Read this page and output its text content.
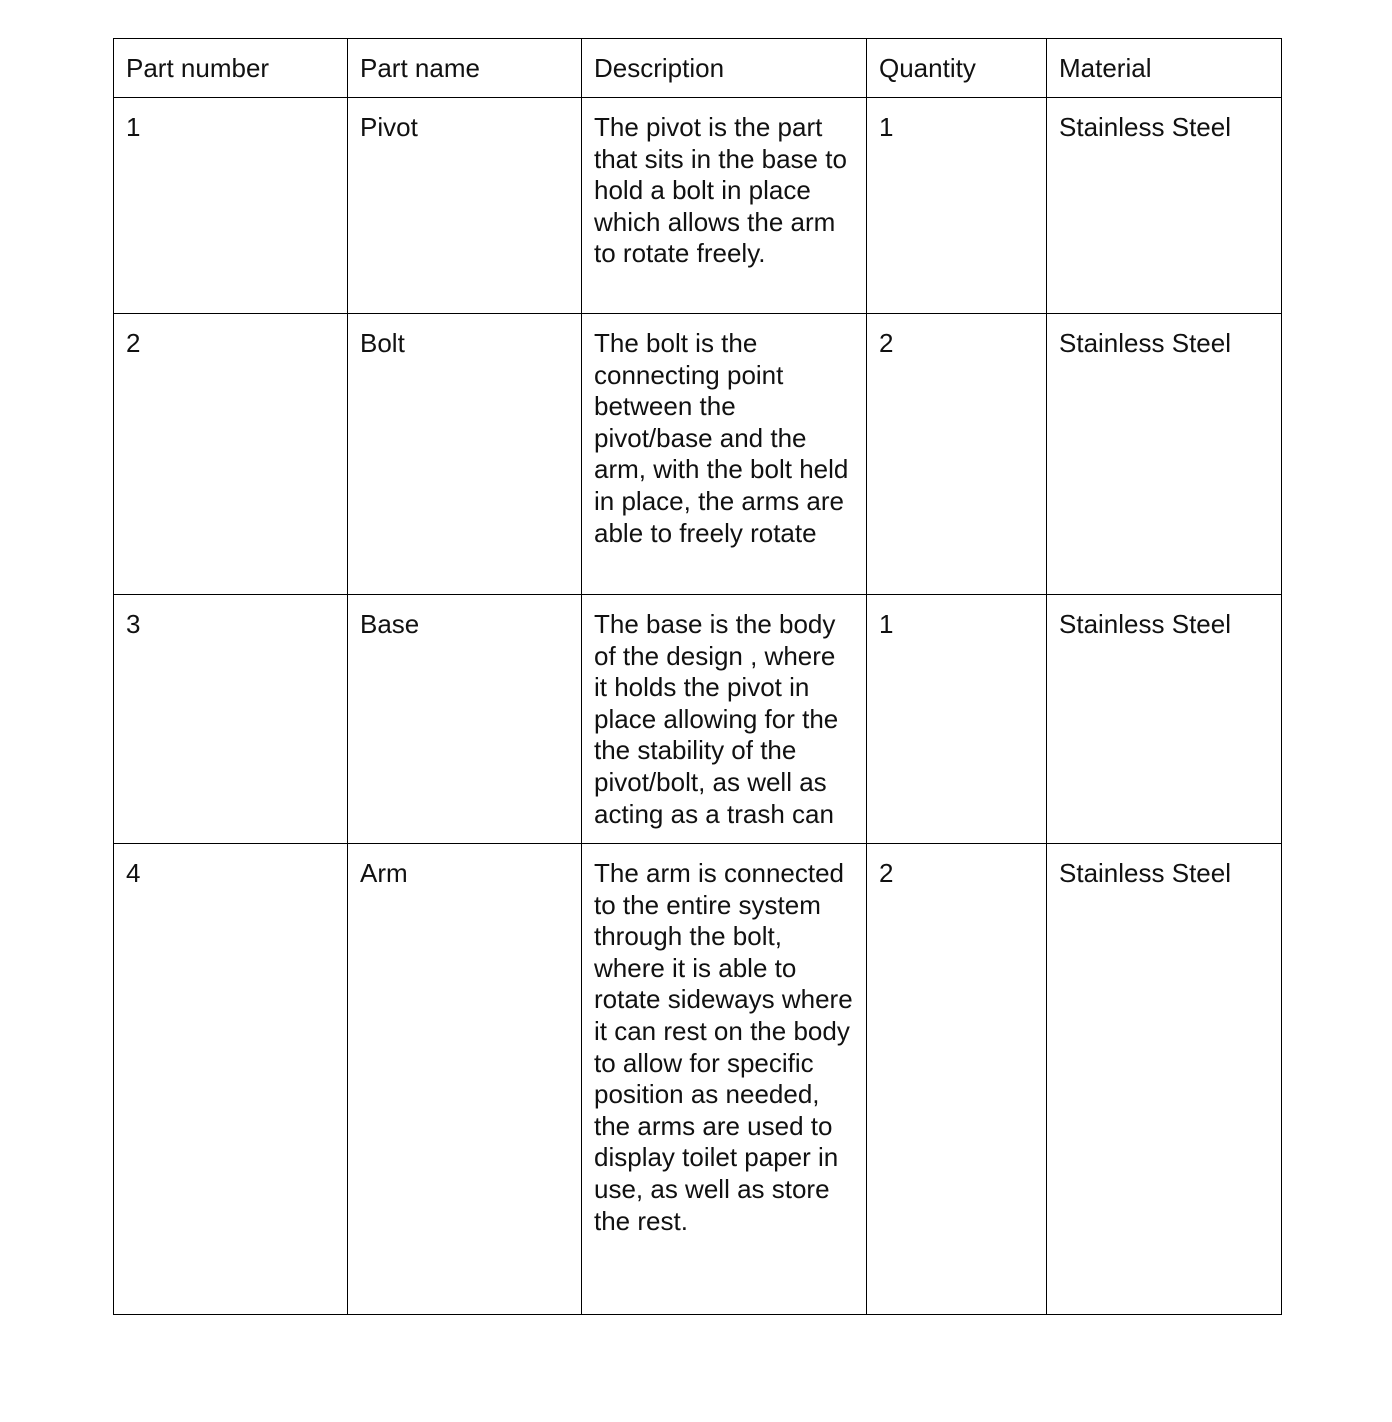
Part number	Part name	Description	Quantity	Material
1	Pivot	The pivot is the part that sits in the base to hold a bolt in place which allows the arm to rotate freely.	1	Stainless Steel
2	Bolt	The bolt is the connecting point between the pivot/base and the arm, with the bolt held in place, the arms are able to freely rotate	2	Stainless Steel
3	Base	The base is the body of the design , where it holds the pivot in place allowing for the the stability of the pivot/bolt, as well as acting as a trash can	1	Stainless Steel
4	Arm	The arm is connected to the entire system through the bolt, where it is able to rotate sideways where it can rest on the body to allow for specific position as needed, the arms are used to display toilet paper in use, as well as store the rest.	2	Stainless Steel
